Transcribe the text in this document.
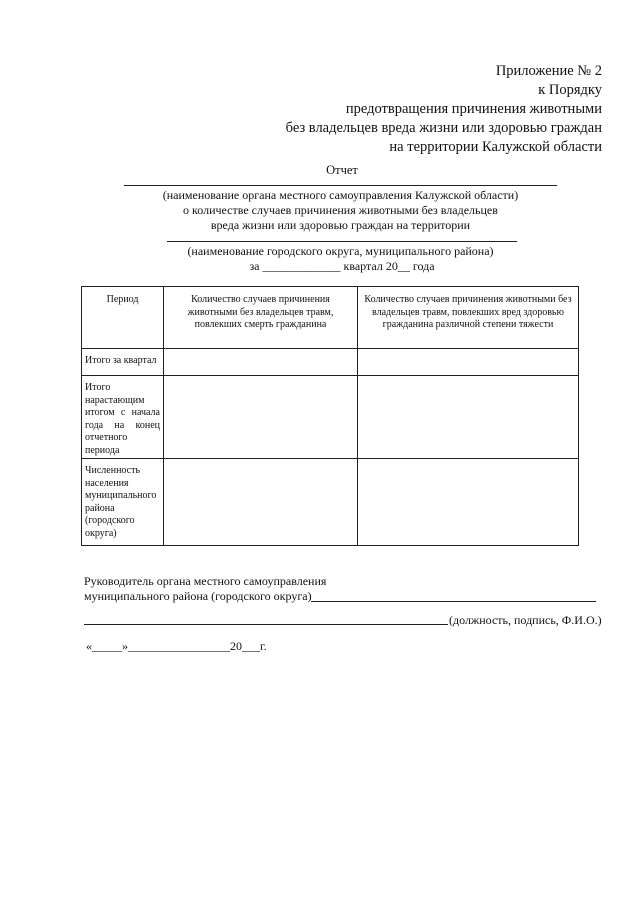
Приложение № 2
к Порядку
предотвращения причинения животными
без владельцев вреда жизни или здоровью граждан
на территории Калужской области
Отчет
(наименование органа местного самоуправления Калужской области)
о количестве случаев причинения животными без владельцев
вреда жизни или здоровью граждан на территории
(наименование городского округа, муниципального района)
за _____________ квартал 20__ года
Период	Количество случаев причинения животными без владельцев травм, повлекших смерть гражданина	Количество случаев причинения животными без владельцев травм, повлекших вред здоровью гражданина различной степени тяжести
Итого за квартал		
Итого нарастающим итогом с начала года на конец отчетного периода		
Численность населения муниципального района (городского округа)		
Руководитель органа местного самоуправления
муниципального района (городского округа)
(должность, подпись, Ф.И.О.)
«_____»_________________20___г.
